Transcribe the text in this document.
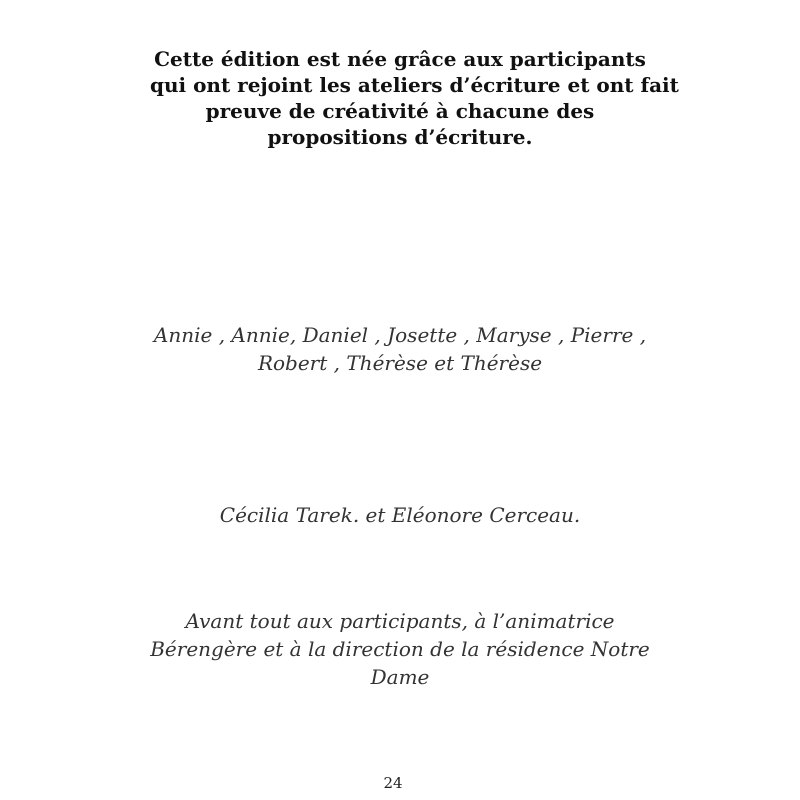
Cette édition est née grâce aux participants
qui ont rejoint les ateliers d’écriture et ont fait
preuve de créativité à chacune des
propositions d’écriture.
Annie , Annie, Daniel , Josette , Maryse , Pierre ,
Robert , Thérèse et Thérèse
Cécilia Tarek. et Eléonore Cerceau.
Avant tout aux participants, à l’animatrice
Bérengère et à la direction de la résidence Notre
Dame
24
